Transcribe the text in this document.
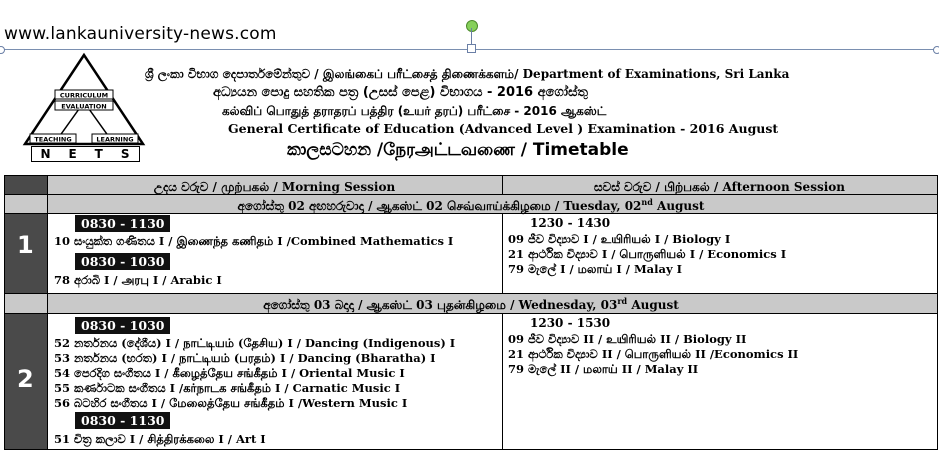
www.lankauniversity-news.com
CURRICULUM
EVALUATION
TEACHING	LEARNING
N E T S
ශ්‍රී ලංකා විභාග දෙපාර්තමේන්තුව / இலங்கைப் பரீட்சைத் திணைக்களம்/ Department of Examinations, Sri Lanka
අධ්‍යයන පොදු සහතික පත්‍ර (උසස් පෙළ) විභාගය - 2016 අගෝස්තු
கல்விப் பொதுத் தராதரப் பத்திர (உயர் தரப்) பரீட்சை - 2016 ஆகஸ்ட்
General Certificate of Education (Advanced Level ) Examination - 2016 August
කාලසටහන /நேரஅட்டவணை / Timetable
උදය වරුව / முற்பகல் / Morning Session	සවස් වරුව / பிற்பகல் / Afternoon Session
අගෝස්තු 02 අඟහරුවාදා / ஆகஸ்ட் 02 செவ்வாய்க்கிழமை / Tuesday, 02nd August
1
0830 - 1130
10 සංයුක්ත ගණිතය I / இணைந்த கணிதம் I /Combined Mathematics I
0830 - 1030
78 අරාබි I / அரபு I / Arabic I
1230 - 1430
09 ජීව විද්‍යාව I / உயிரியல் I / Biology I
21 ආර්ථික විද්‍යාව I / பொருளியல் I / Economics I
79 මැලේ I / மலாய் I / Malay I
අගෝස්තු 03 බදාදා / ஆகஸ்ட் 03 புதன்கிழமை / Wednesday, 03rd August
2
0830 - 1030
52 නර්තනය (දේශීය) I / நாட்டியம் (தேசிய) I / Dancing (Indigenous) I
53 නර්තනය (භරත) I / நாட்டியம் (பரதம்) I / Dancing (Bharatha) I
54 පෙරදිග සංගීතය I / கீழைத்தேய சங்கீதம் I / Oriental Music I
55 කර්ණාටක සංගීතය I /கர்நாடக சங்கீதம் I / Carnatic Music I
56 බටහිර සංගීතය I / மேலைத்தேய சங்கீதம் I /Western Music I
0830 - 1130
51 චිත්‍ර කලාව I / சித்திரக்கலை I / Art I
1230 - 1530
09 ජීව විද්‍යාව II / உயிரியல் II / Biology II
21 ආර්ථික විද්‍යාව II / பொருளியல் II /Economics II
79 මැලේ II / மலாய் II / Malay II
